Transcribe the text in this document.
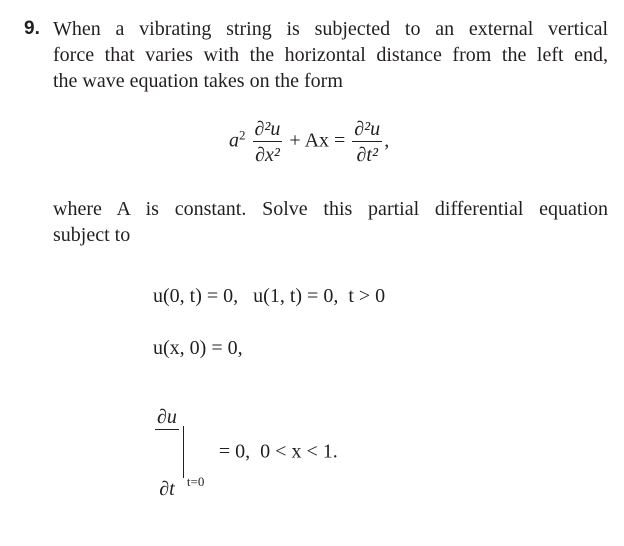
9. When a vibrating string is subjected to an external vertical
force that varies with the horizontal distance from the left end,
the wave equation takes on the form
$a^2 \frac{\text{∂²u}}{\text{∂x²}} + Ax = \frac{\text{∂²u}}{\text{∂t²}}$ ,
where A is constant. Solve this partial differential equation
subject to

u(0, t) = 0,   u(1, t) = 0,  t > 0

u(x, 0) = 0,

$\frac{\partial u}{\partial t}$

t=0

= 0,  0 < x < 1.
